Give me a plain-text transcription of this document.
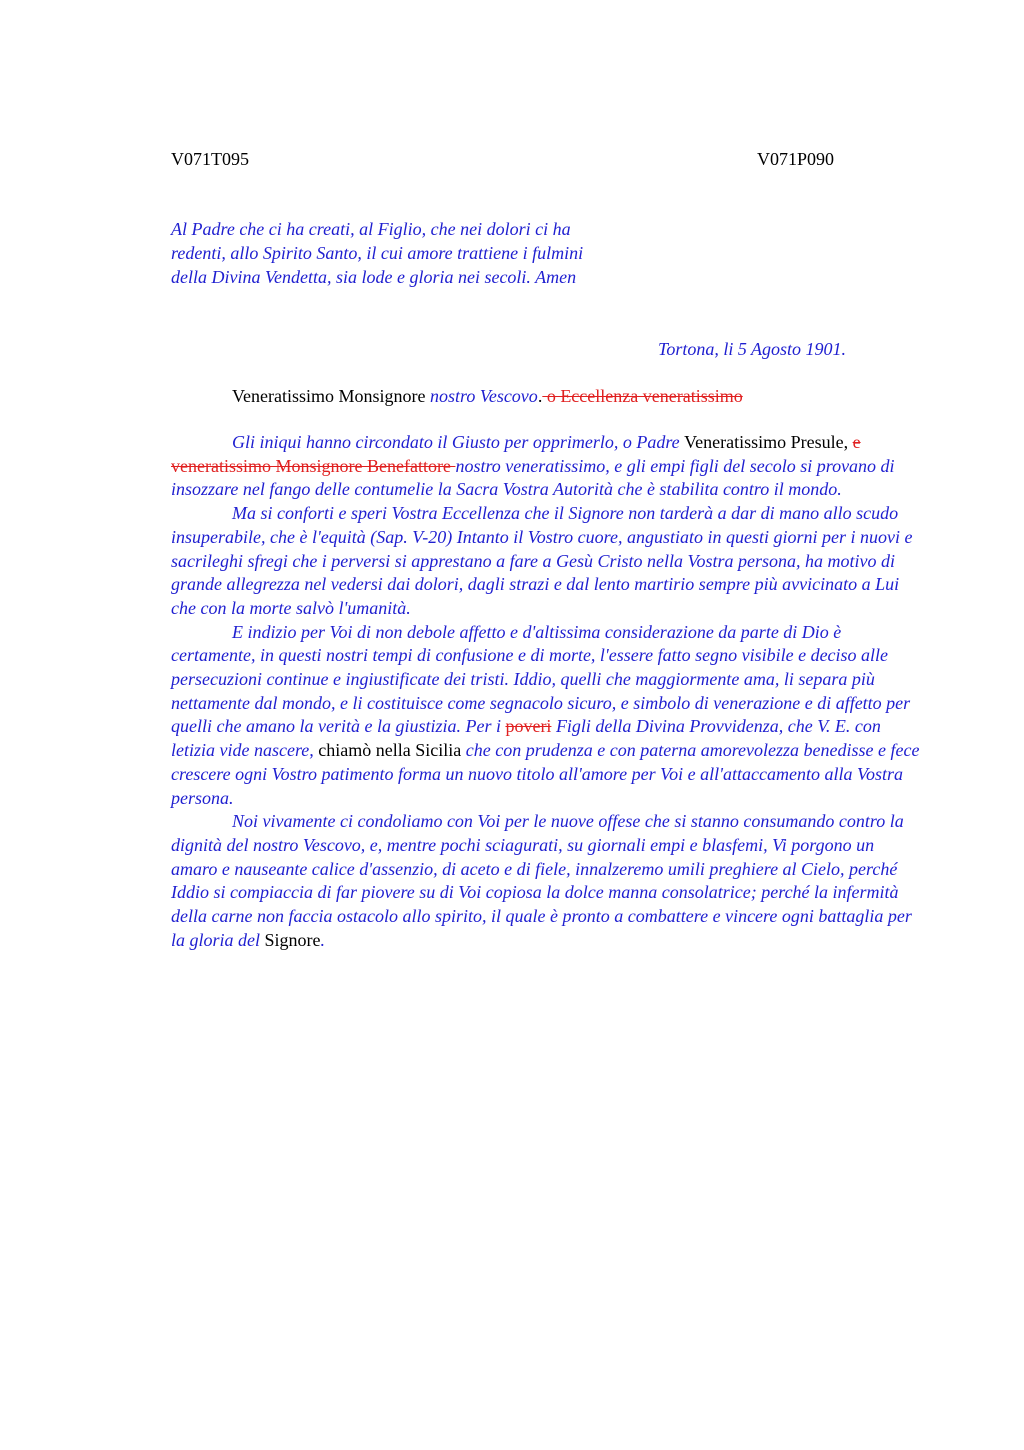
V071T095	V071P090
Al Padre che ci ha creati, al Figlio, che nei dolori ci ha redenti, allo Spirito Santo, il cui amore trattiene i fulmini della Divina Vendetta, sia lode e gloria nei secoli. Amen
Tortona, li 5 Agosto 1901.
Veneratissimo Monsignore nostro Vescovo. o Eccellenza veneratissimo

Gli iniqui hanno circondato il Giusto per opprimerlo, o Padre Veneratissimo Presule, e veneratissimo Monsignore Benefattore nostro veneratissimo, e gli empi figli del secolo si provano di insozzare nel fango delle contumelie la Sacra Vostra Autorità che è stabilita contro il mondo.

Ma si conforti e speri Vostra Eccellenza che il Signore non tarderà a dar di mano allo scudo insuperabile, che è l'equità (Sap. V-20) Intanto il Vostro cuore, angustiato in questi giorni per i nuovi e sacrileghi sfregi che i perversi si apprestano a fare a Gesù Cristo nella Vostra persona, ha motivo di grande allegrezza nel vedersi dai dolori, dagli strazi e dal lento martirio sempre più avvicinato a Lui che con la morte salvò l'umanità.

E indizio per Voi di non debole affetto e d'altissima considerazione da parte di Dio è certamente, in questi nostri tempi di confusione e di morte, l'essere fatto segno visibile e deciso alle persecuzioni continue e ingiustificate dei tristi. Iddio, quelli che maggiormente ama, li separa più nettamente dal mondo, e li costituisce come segnacolo sicuro, e simbolo di venerazione e di affetto per quelli che amano la verità e la giustizia. Per i poveri Figli della Divina Provvidenza, che V. E. con letizia vide nascere, chiamò nella Sicilia che con prudenza e con paterna amorevolezza benedisse e fece crescere ogni Vostro patimento forma un nuovo titolo all'amore per Voi e all'attaccamento alla Vostra persona.

Noi vivamente ci condoliamo con Voi per le nuove offese che si stanno consumando contro la dignità del nostro Vescovo, e, mentre pochi sciagurati, su giornali empi e blasfemi, Vi porgono un amaro e nauseante calice d'assenzio, di aceto e di fiele, innalzeremo umili preghiere al Cielo, perché Iddio si compiaccia di far piovere su di Voi copiosa la dolce manna consolatrice; perché la infermità della carne non faccia ostacolo allo spirito, il quale è pronto a combattere e vincere ogni battaglia per la gloria del Signore.
